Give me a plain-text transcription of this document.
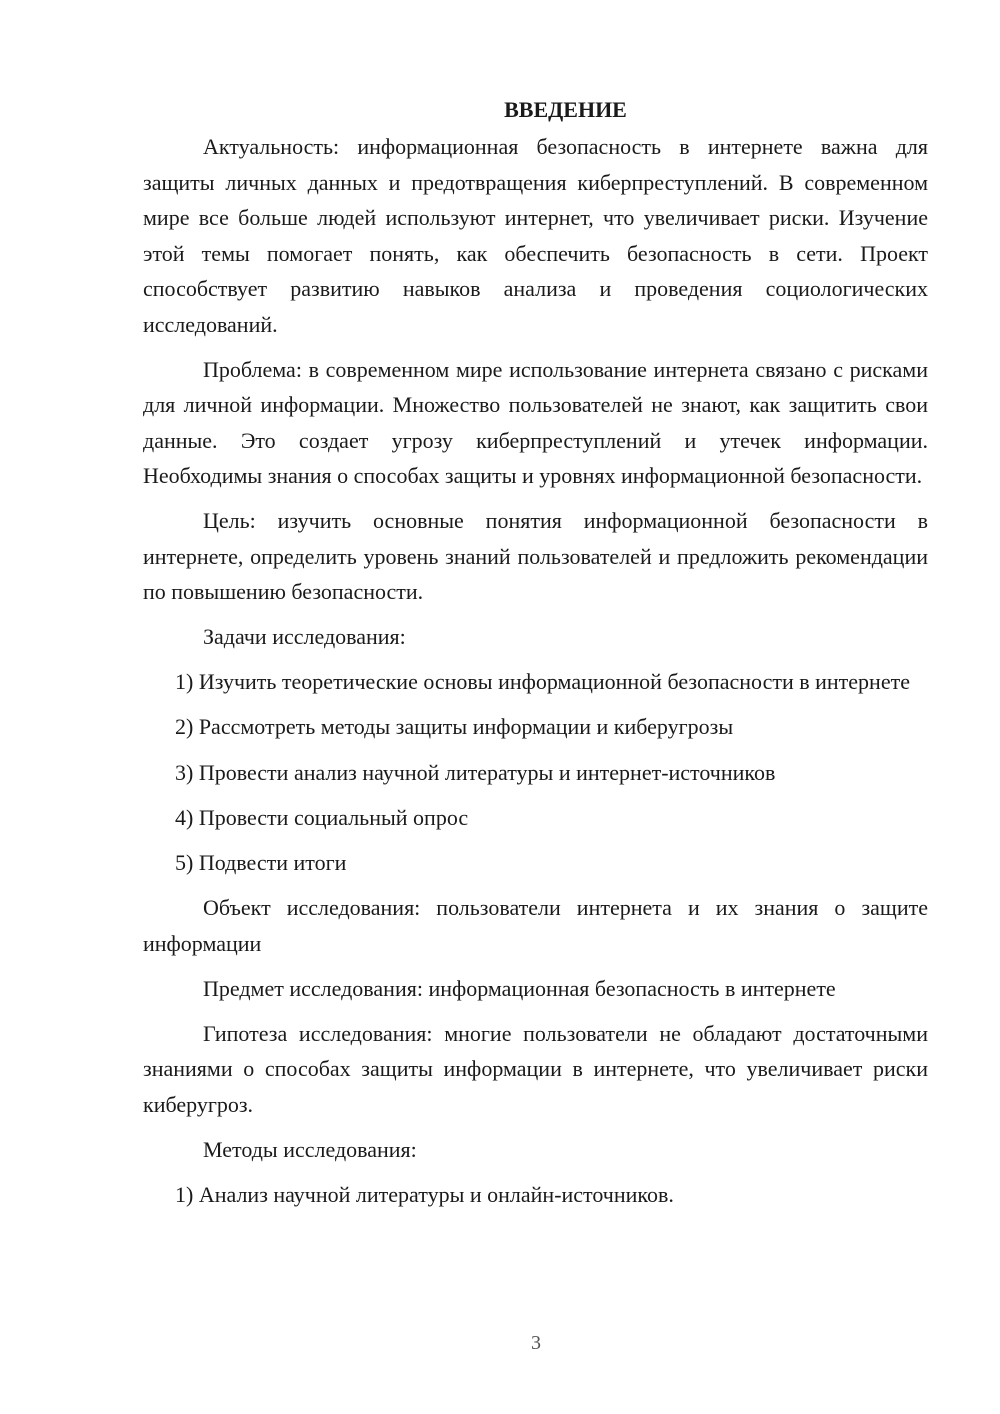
ВВЕДЕНИЕ

Актуальность: информационная безопасность в интернете важна для защиты личных данных и предотвращения киберпреступлений. В современном мире все больше людей используют интернет, что увеличивает риски. Изучение этой темы помогает понять, как обеспечить безопасность в сети. Проект способствует развитию навыков анализа и проведения социологических исследований.

Проблема: в современном мире использование интернета связано с рисками для личной информации. Множество пользователей не знают, как защитить свои данные. Это создает угрозу киберпреступлений и утечек информации. Необходимы знания о способах защиты и уровнях информационной безопасности.

Цель: изучить основные понятия информационной безопасности в интернете, определить уровень знаний пользователей и предложить рекомендации по повышению безопасности.

Задачи исследования:
1) Изучить теоретические основы информационной безопасности в интернете
2) Рассмотреть методы защиты информации и киберугрозы
3) Провести анализ научной литературы и интернет-источников
4) Провести социальный опрос
5) Подвести итоги

Объект исследования: пользователи интернета и их знания о защите информации

Предмет исследования: информационная безопасность в интернете

Гипотеза исследования: многие пользователи не обладают достаточными знаниями о способах защиты информации в интернете, что увеличивает риски киберугроз.

Методы исследования:
1) Анализ научной литературы и онлайн-источников.
3
